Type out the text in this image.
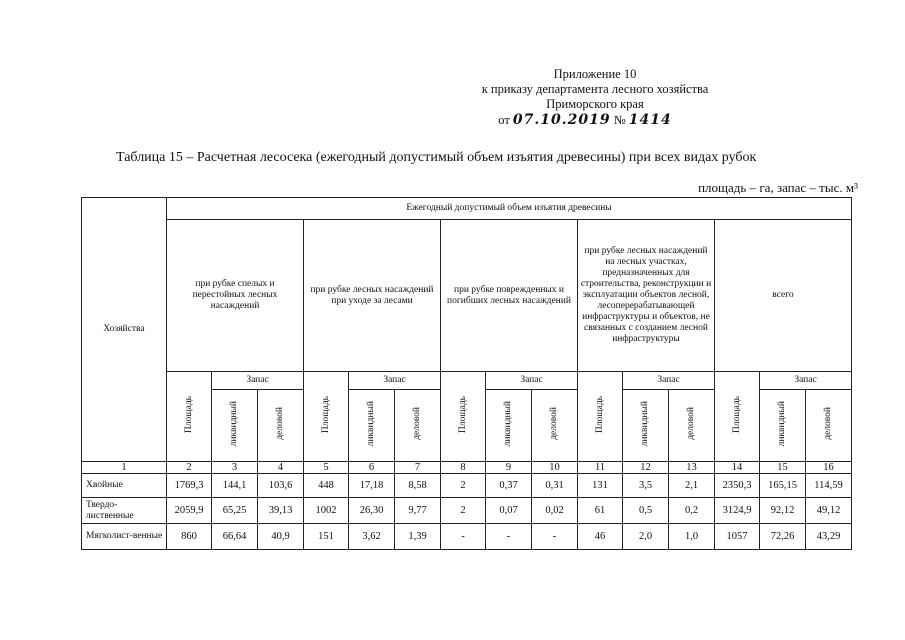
Приложение 10
к приказу департамента лесного хозяйства
Приморского края
от 07.10.2019 № 1414
Таблица 15 – Расчетная лесосека (ежегодный допустимый объем изъятия древесины) при всех видах рубок
площадь – га, запас – тыс. м³
Хозяйства	Ежегодный допустимый объем изъятия древесины														
	при рубке спелых и перестойных лесных насаждений			при рубке лесных насаждений при уходе за лесами			при рубке поврежденных и погибших лесных насаждений			при рубке лесных насаждений на лесных участках, предназначенных для строительства, реконструкции и эксплуатации объектов лесной, лесоперерабатывающей инфраструктуры и объектов, не связанных с созданием лесной инфраструктуры			всего		
	Площадь	Запас		Площадь	Запас		Площадь	Запас		Площадь	Запас		Площадь	Запас	
		ликвидный	деловой		ликвидный	деловой		ликвидный	деловой		ликвидный	деловой		ликвидный	деловой
1	2	3	4	5	6	7	8	9	10	11	12	13	14	15	16
Хвойные	1769,3	144,1	103,6	448	17,18	8,58	2	0,37	0,31	131	3,5	2,1	2350,3	165,15	114,59
Твердо-лиственные	2059,9	65,25	39,13	1002	26,30	9,77	2	0,07	0,02	61	0,5	0,2	3124,9	92,12	49,12
Мягколист-венные	860	66,64	40,9	151	3,62	1,39	-	-	-	46	2,0	1,0	1057	72,26	43,29
